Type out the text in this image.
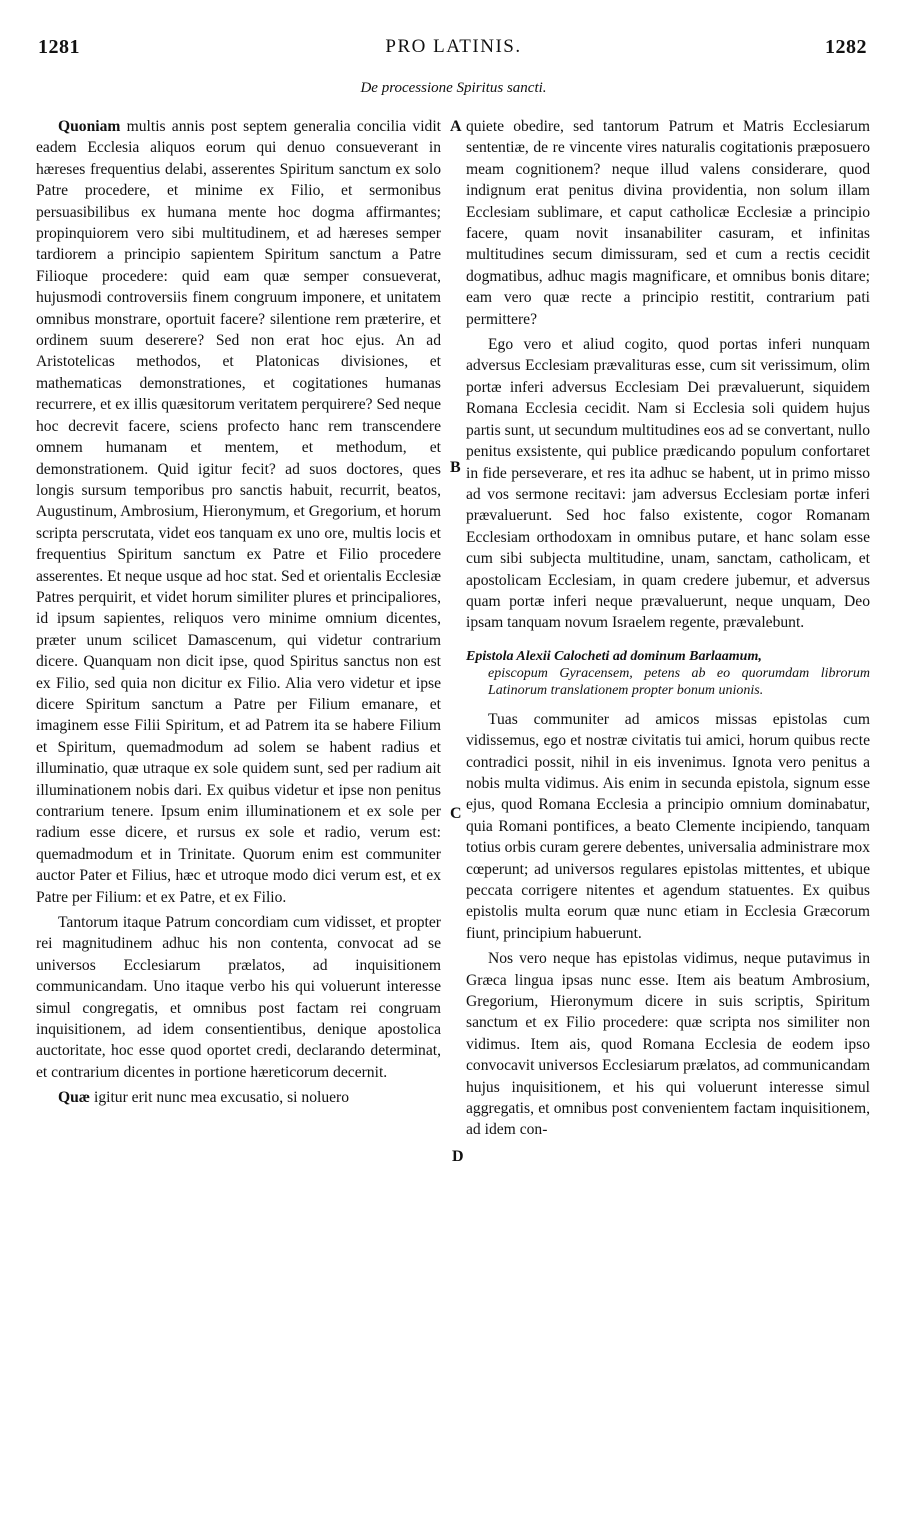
1281	PRO LATINIS.	1282
De processione Spiritus sancti.
A
B
C
D

Quoniam multis annis post septem generalia concilia vidit eadem Ecclesia aliquos eorum qui denuo consueverant in hæreses frequentius delabi, asserentes Spiritum sanctum ex solo Patre procedere, et minime ex Filio, et sermonibus persuasibilibus ex humana mente hoc dogma affirmantes; propinquiorem vero sibi multitudinem, et ad hæreses semper tardiorem a principio sapientem Spiritum sanctum a Patre Filioque procedere: quid eam quæ semper consueverat, hujusmodi controversiis finem congruum imponere, et unitatem omnibus monstrare, oportuit facere? silentione rem præterire, et ordinem suum deserere? Sed non erat hoc ejus. An ad Aristotelicas methodos, et Platonicas divisiones, et mathematicas demonstrationes, et cogitationes humanas recurrere, et ex illis quæsitorum veritatem perquirere? Sed neque hoc decrevit facere, sciens profecto hanc rem transcendere omnem humanam et mentem, et methodum, et demonstrationem. Quid igitur fecit? ad suos doctores, ques longis sursum temporibus pro sanctis habuit, recurrit, beatos, Augustinum, Ambrosium, Hieronymum, et Gregorium, et horum scripta perscrutata, videt eos tanquam ex uno ore, multis locis et frequentius Spiritum sanctum ex Patre et Filio procedere asserentes. Et neque usque ad hoc stat. Sed et orientalis Ecclesiæ Patres perquirit, et videt horum similiter plures et principaliores, id ipsum sapientes, reliquos vero minime omnium dicentes, præter unum scilicet Damascenum, qui videtur contrarium dicere. Quanquam non dicit ipse, quod Spiritus sanctus non est ex Filio, sed quia non dicitur ex Filio. Alia vero videtur et ipse dicere Spiritum sanctum a Patre per Filium emanare, et imaginem esse Filii Spiritum, et ad Patrem ita se habere Filium et Spiritum, quemadmodum ad solem se habent radius et illuminatio, quæ utraque ex sole quidem sunt, sed per radium ait illuminationem nobis dari. Ex quibus videtur et ipse non penitus contrarium tenere. Ipsum enim illuminationem et ex sole per radium esse dicere, et rursus ex sole et radio, verum est: quemadmodum et in Trinitate. Quorum enim est communiter auctor Pater et Filius, hæc et utroque modo dici verum est, et ex Patre per Filium: et ex Patre, et ex Filio.

Tantorum itaque Patrum concordiam cum vidisset, et propter rei magnitudinem adhuc his non contenta, convocat ad se universos Ecclesiarum prælatos, ad inquisitionem communicandam. Uno itaque verbo his qui voluerunt interesse simul congregatis, et omnibus post factam rei congruam inquisitionem, ad idem consentientibus, denique apostolica auctoritate, hoc esse quod oportet credi, declarando determinat, et contrarium dicentes in portione hæreticorum decernit.

Quæ igitur erit nunc mea excusatio, si noluero

quiete obedire, sed tantorum Patrum et Matris Ecclesiarum sententiæ, de re vincente vires naturalis cogitationis præposuero meam cognitionem? neque illud valens considerare, quod indignum erat penitus divina providentia, non solum illam Ecclesiam sublimare, et caput catholicæ Ecclesiæ a principio facere, quam novit insanabiliter casuram, et infinitas multitudines secum dimissuram, sed et cum a rectis cecidit dogmatibus, adhuc magis magnificare, et omnibus bonis ditare; eam vero quæ recte a principio restitit, contrarium pati permittere?

Ego vero et aliud cogito, quod portas inferi nunquam adversus Ecclesiam prævalituras esse, cum sit verissimum, olim portæ inferi adversus Ecclesiam Dei prævaluerunt, siquidem Romana Ecclesia cecidit. Nam si Ecclesia soli quidem hujus partis sunt, ut secundum multitudines eos ad se convertant, nullo penitus exsistente, qui publice prædicando populum confortaret in fide perseverare, et res ita adhuc se habent, ut in primo misso ad vos sermone recitavi: jam adversus Ecclesiam portæ inferi prævaluerunt. Sed hoc falso existente, cogor Romanam Ecclesiam orthodoxam in omnibus putare, et hanc solam esse cum sibi subjecta multitudine, unam, sanctam, catholicam, et apostolicam Ecclesiam, in quam credere jubemur, et adversus quam portæ inferi neque prævaluerunt, neque unquam, Deo ipsam tanquam novum Israelem regente, prævalebunt.

Epistola Alexii Calocheti ad dominum Barlaamum,
episcopum Gyracensem, petens ab eo quorumdam librorum Latinorum translationem propter bonum unionis.

Tuas communiter ad amicos missas epistolas cum vidissemus, ego et nostræ civitatis tui amici, horum quibus recte contradici possit, nihil in eis invenimus. Ignota vero penitus a nobis multa vidimus. Ais enim in secunda epistola, signum esse ejus, quod Romana Ecclesia a principio omnium dominabatur, quia Romani pontifices, a beato Clemente incipiendo, tanquam totius orbis curam gerere debentes, universalia administrare mox cœperunt; ad universos regulares epistolas mittentes, et ubique peccata corrigere nitentes et agendum statuentes. Ex quibus epistolis multa eorum quæ nunc etiam in Ecclesia Græcorum fiunt, principium habuerunt.

Nos vero neque has epistolas vidimus, neque putavimus in Græca lingua ipsas nunc esse. Item ais beatum Ambrosium, Gregorium, Hieronymum dicere in suis scriptis, Spiritum sanctum et ex Filio procedere: quæ scripta nos similiter non vidimus. Item ais, quod Romana Ecclesia de eodem ipso convocavit universos Ecclesiarum prælatos, ad communicandam hujus inquisitionem, et his qui voluerunt interesse simul aggregatis, et omnibus post convenientem factam inquisitionem, ad idem con-
